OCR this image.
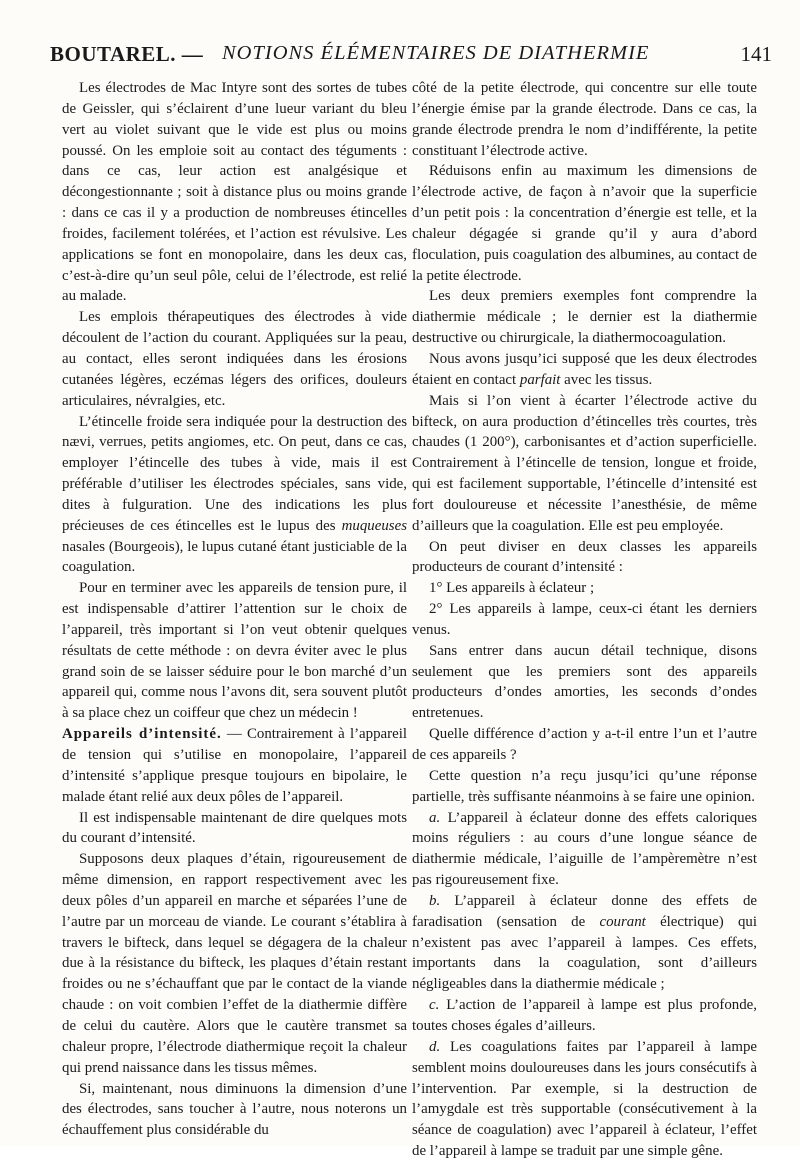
BOUTAREL. — NOTIONS ÉLÉMENTAIRES DE DIATHERMIE	141

Les électrodes de Mac Intyre sont des sortes de tubes de Geissler, qui s’éclairent d’une lueur variant du bleu vert au violet suivant que le vide est plus ou moins poussé. On les emploie soit au contact des téguments : dans ce cas, leur action est analgésique et décongestionnante ; soit à distance plus ou moins grande : dans ce cas il y a production de nombreuses étincelles froides, facilement tolérées, et l’action est révulsive. Les applications se font en monopolaire, dans les deux cas, c’est-à-dire qu’un seul pôle, celui de l’électrode, est relié au malade.

Les emplois thérapeutiques des électrodes à vide découlent de l’action du courant. Appliquées sur la peau, au contact, elles seront indiquées dans les érosions cutanées légères, eczémas légers des orifices, douleurs articulaires, névralgies, etc.

L’étincelle froide sera indiquée pour la destruction des nævi, verrues, petits angiomes, etc. On peut, dans ce cas, employer l’étincelle des tubes à vide, mais il est préférable d’utiliser les électrodes spéciales, sans vide, dites à fulguration. Une des indications les plus précieuses de ces étincelles est le lupus des muqueuses nasales (Bourgeois), le lupus cutané étant justiciable de la coagulation.

Pour en terminer avec les appareils de tension pure, il est indispensable d’attirer l’attention sur le choix de l’appareil, très important si l’on veut obtenir quelques résultats de cette méthode : on devra éviter avec le plus grand soin de se laisser séduire pour le bon marché d’un appareil qui, comme nous l’avons dit, sera souvent plutôt à sa place chez un coiffeur que chez un médecin !

Appareils d’intensité. — Contrairement à l’appareil de tension qui s’utilise en monopolaire, l’appareil d’intensité s’applique presque toujours en bipolaire, le malade étant relié aux deux pôles de l’appareil.

Il est indispensable maintenant de dire quelques mots du courant d’intensité.

Supposons deux plaques d’étain, rigoureusement de même dimension, en rapport respectivement avec les deux pôles d’un appareil en marche et séparées l’une de l’autre par un morceau de viande. Le courant s’établira à travers le bifteck, dans lequel se dégagera de la chaleur due à la résistance du bifteck, les plaques d’étain restant froides ou ne s’échauffant que par le contact de la viande chaude : on voit combien l’effet de la diathermie diffère de celui du cautère. Alors que le cautère transmet sa chaleur propre, l’électrode diathermique reçoit la chaleur qui prend naissance dans les tissus mêmes.

Si, maintenant, nous diminuons la dimension d’une des électrodes, sans toucher à l’autre, nous noterons un échauffement plus considérable du

côté de la petite électrode, qui concentre sur elle toute l’énergie émise par la grande électrode. Dans ce cas, la grande électrode prendra le nom d’indifférente, la petite constituant l’électrode active.

Réduisons enfin au maximum les dimensions de l’électrode active, de façon à n’avoir que la superficie d’un petit pois : la concentration d’énergie est telle, et la chaleur dégagée si grande qu’il y aura d’abord floculation, puis coagulation des albumines, au contact de la petite électrode.

Les deux premiers exemples font comprendre la diathermie médicale ; le dernier est la diathermie destructive ou chirurgicale, la diathermocoagulation.

Nous avons jusqu’ici supposé que les deux électrodes étaient en contact parfait avec les tissus.

Mais si l’on vient à écarter l’électrode active du bifteck, on aura production d’étincelles très courtes, très chaudes (1 200°), carbonisantes et d’action superficielle. Contrairement à l’étincelle de tension, longue et froide, qui est facilement supportable, l’étincelle d’intensité est fort douloureuse et nécessite l’anesthésie, de même d’ailleurs que la coagulation. Elle est peu employée.

On peut diviser en deux classes les appareils producteurs de courant d’intensité :

1° Les appareils à éclateur ;

2° Les appareils à lampe, ceux-ci étant les derniers venus.

Sans entrer dans aucun détail technique, disons seulement que les premiers sont des appareils producteurs d’ondes amorties, les seconds d’ondes entretenues.

Quelle différence d’action y a-t-il entre l’un et l’autre de ces appareils ?

Cette question n’a reçu jusqu’ici qu’une réponse partielle, très suffisante néanmoins à se faire une opinion.

a. L’appareil à éclateur donne des effets caloriques moins réguliers : au cours d’une longue séance de diathermie médicale, l’aiguille de l’ampèremètre n’est pas rigoureusement fixe.

b. L’appareil à éclateur donne des effets de faradisation (sensation de courant électrique) qui n’existent pas avec l’appareil à lampes. Ces effets, importants dans la coagulation, sont d’ailleurs négligeables dans la diathermie médicale ;

c. L’action de l’appareil à lampe est plus profonde, toutes choses égales d’ailleurs.

d. Les coagulations faites par l’appareil à lampe semblent moins douloureuses dans les jours consécutifs à l’intervention. Par exemple, si la destruction de l’amygdale est très supportable (consécutivement à la séance de coagulation) avec l’appareil à éclateur, l’effet de l’appareil à lampe se traduit par une simple gêne.
